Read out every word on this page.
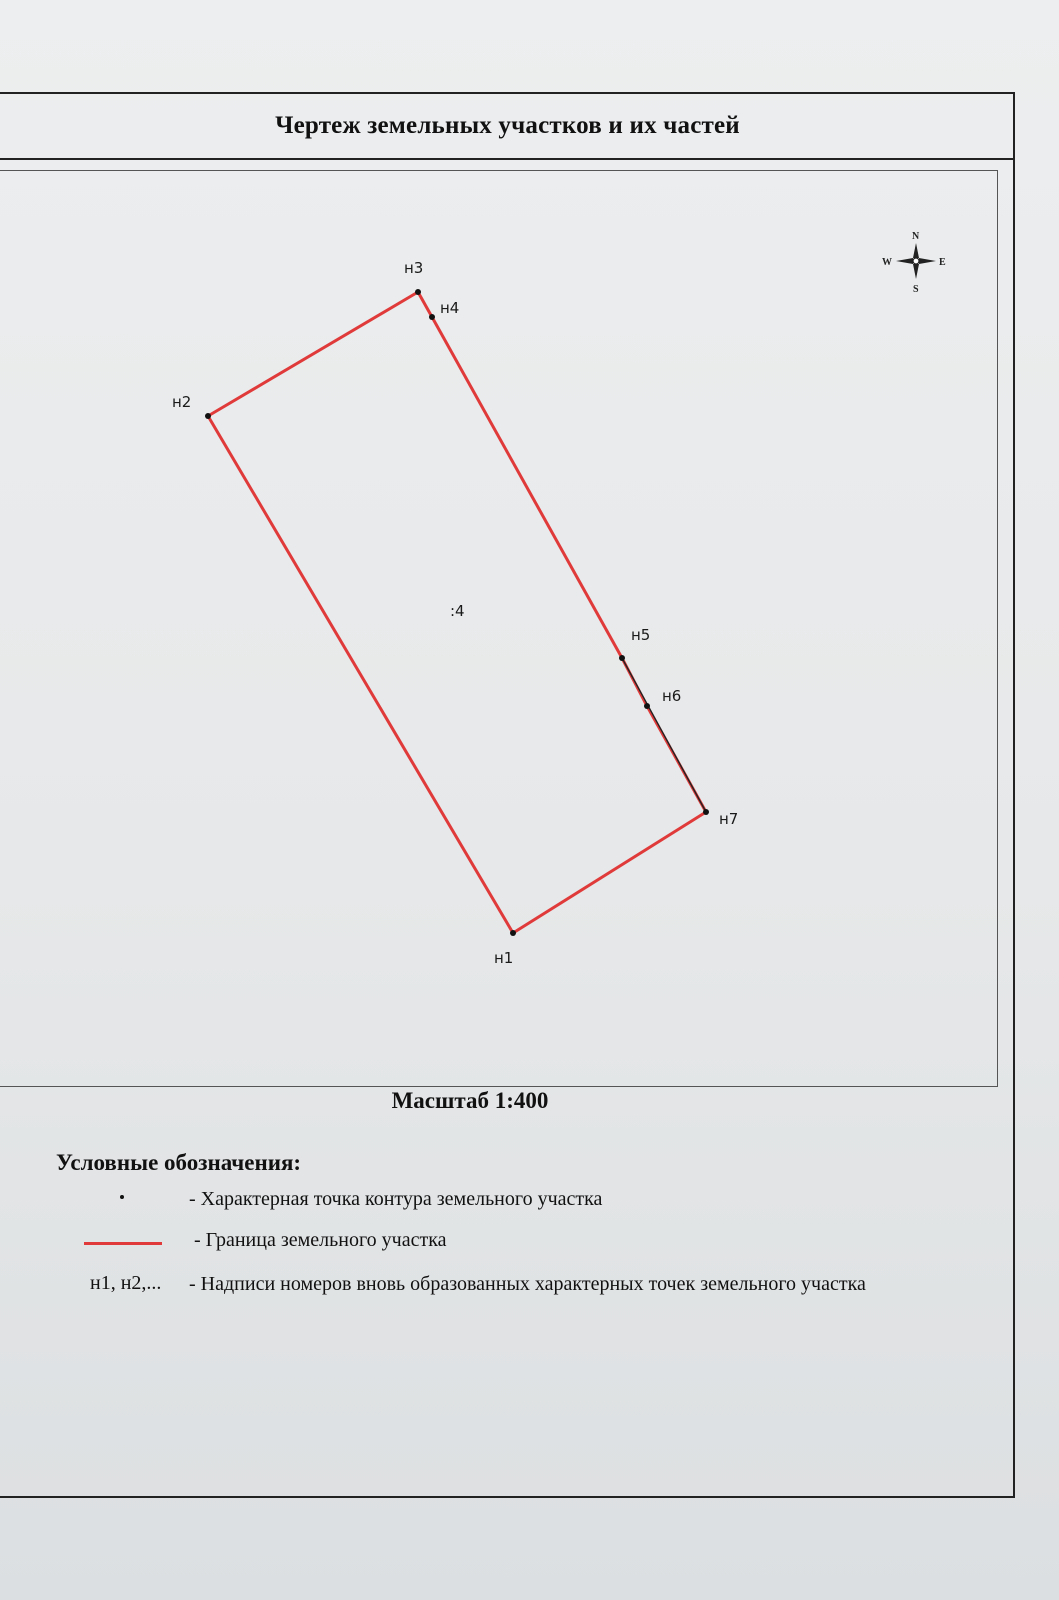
Чертеж земельных участков и их частей
н1
н2
н3
н4
н5
н6
н7
:4
N
S
E
W
Масштаб 1:400
Условные обозначения:
- Характерная точка контура земельного участка
- Граница земельного участка
н1, н2,... - Надписи номеров вновь образованных характерных точек земельного участка
